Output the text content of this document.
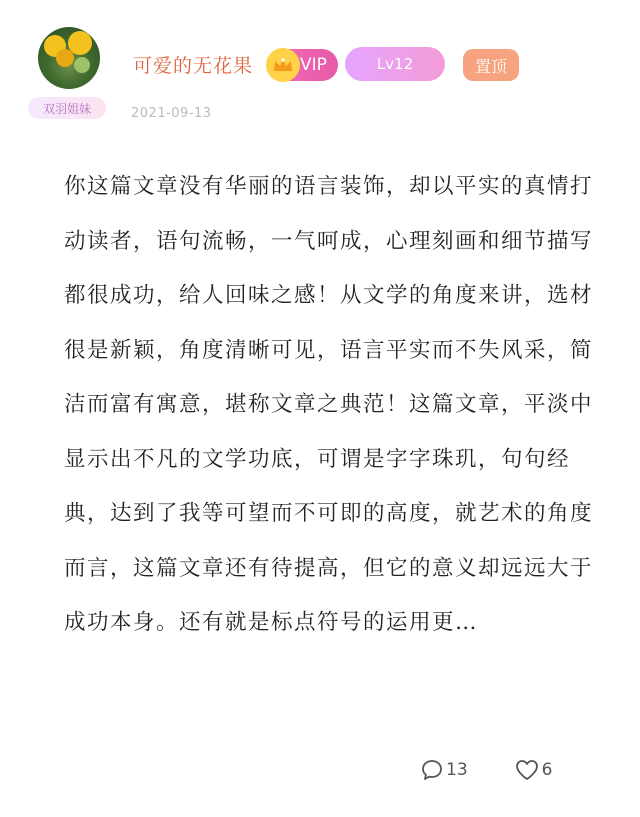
双羽姐妹
可爱的无花果	VIP	Lv12	置顶
2021-09-13
你这篇文章没有华丽的语言装饰，却以平实的真情打动读者，语句流畅，一气呵成，心理刻画和细节描写都很成功，给人回味之感！从文学的角度来讲，选材很是新颖，角度清晰可见，语言平实而不失风采，简洁而富有寓意，堪称文章之典范！这篇文章，平淡中显示出不凡的文学功底，可谓是字字珠玑，句句经典，达到了我等可望而不可即的高度，就艺术的角度而言，这篇文章还有待提高，但它的意义却远远大于成功本身。还有就是标点符号的运用更…
13	6
